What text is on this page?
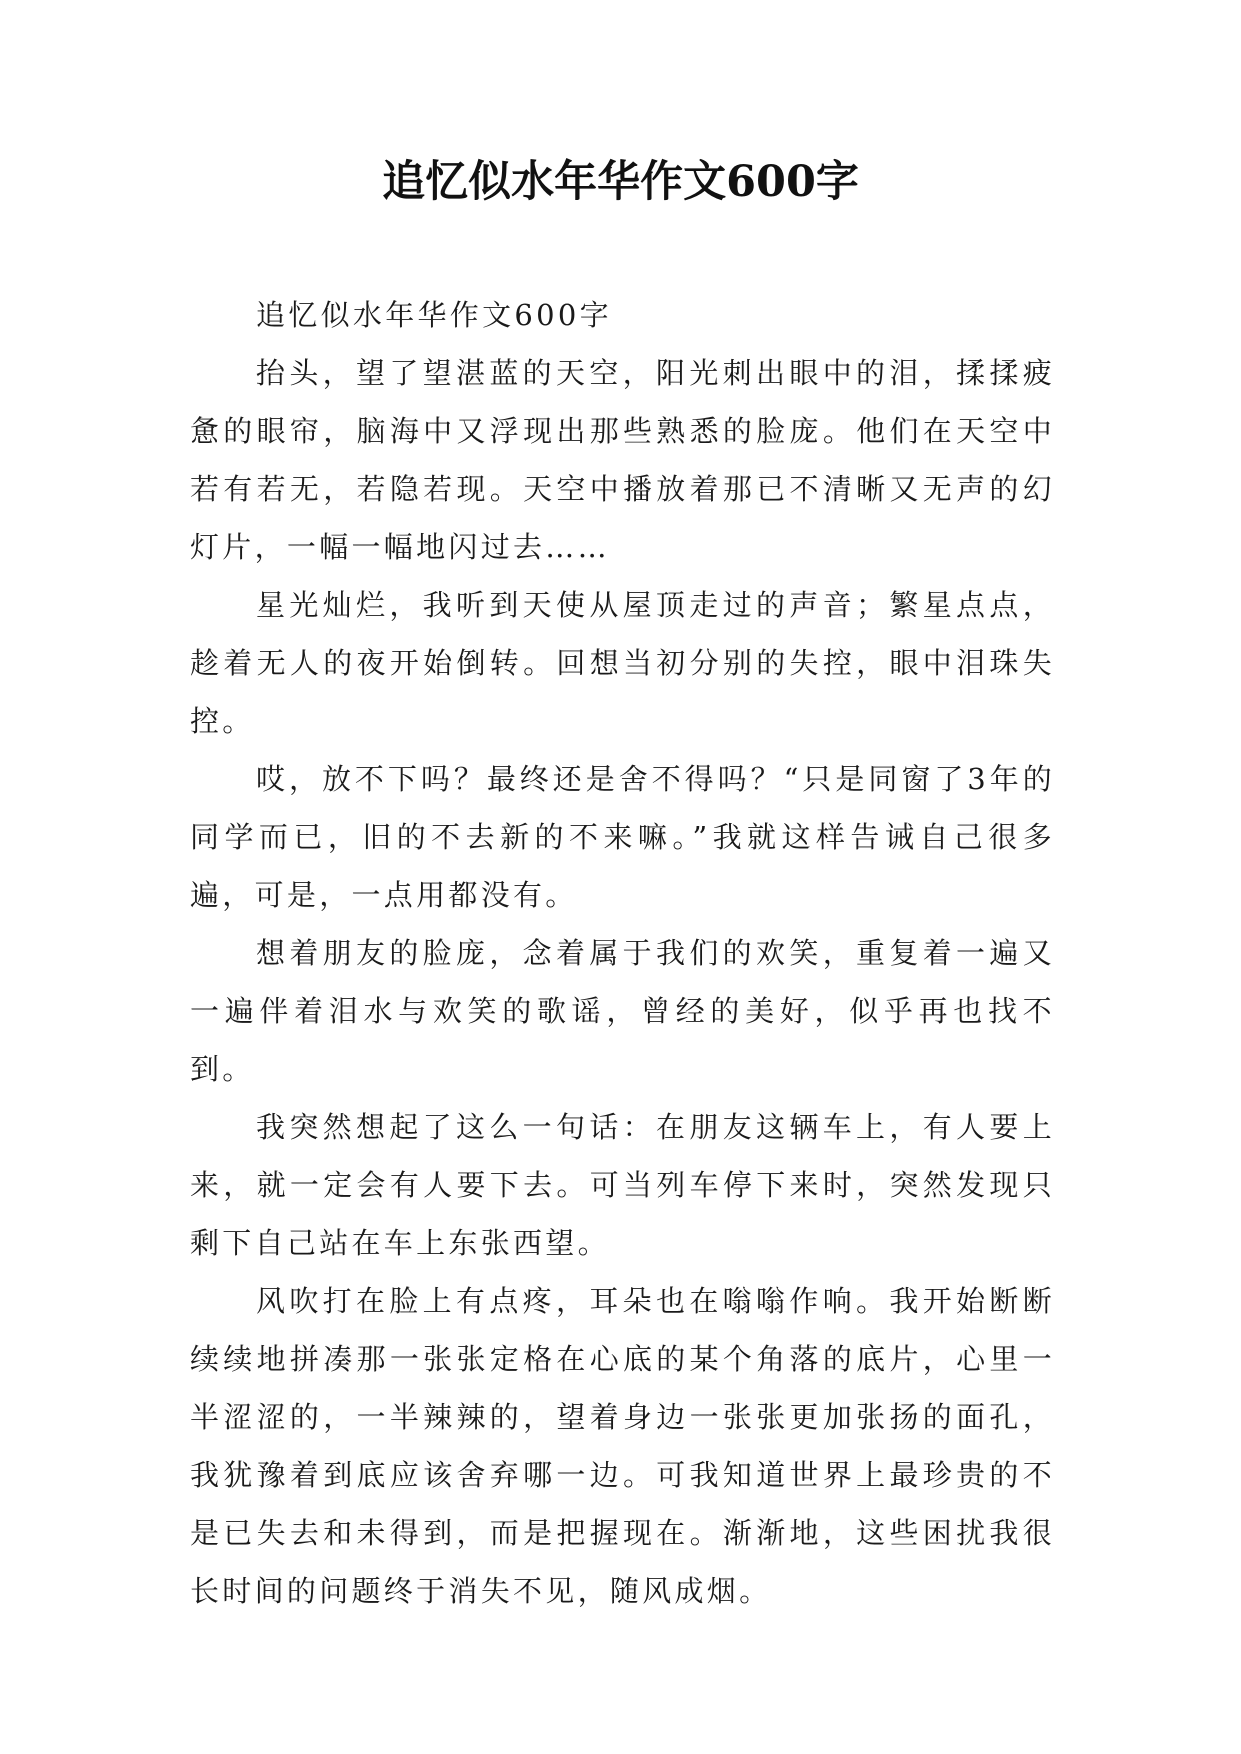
追忆似水年华作文600字

追忆似水年华作文600字

抬头，望了望湛蓝的天空，阳光刺出眼中的泪，揉揉疲惫的眼帘，脑海中又浮现出那些熟悉的脸庞。他们在天空中若有若无，若隐若现。天空中播放着那已不清晰又无声的幻灯片，一幅一幅地闪过去……

星光灿烂，我听到天使从屋顶走过的声音；繁星点点，趁着无人的夜开始倒转。回想当初分别的失控，眼中泪珠失控。

哎，放不下吗？最终还是舍不得吗？“只是同窗了3年的同学而已，旧的不去新的不来嘛。”我就这样告诫自己很多遍，可是，一点用都没有。

想着朋友的脸庞，念着属于我们的欢笑，重复着一遍又一遍伴着泪水与欢笑的歌谣，曾经的美好，似乎再也找不到。

我突然想起了这么一句话：在朋友这辆车上，有人要上来，就一定会有人要下去。可当列车停下来时，突然发现只剩下自己站在车上东张西望。

风吹打在脸上有点疼，耳朵也在嗡嗡作响。我开始断断续续地拼凑那一张张定格在心底的某个角落的底片，心里一半涩涩的，一半辣辣的，望着身边一张张更加张扬的面孔，我犹豫着到底应该舍弃哪一边。可我知道世界上最珍贵的不是已失去和未得到，而是把握现在。渐渐地，这些困扰我很长时间的问题终于消失不见，随风成烟。
